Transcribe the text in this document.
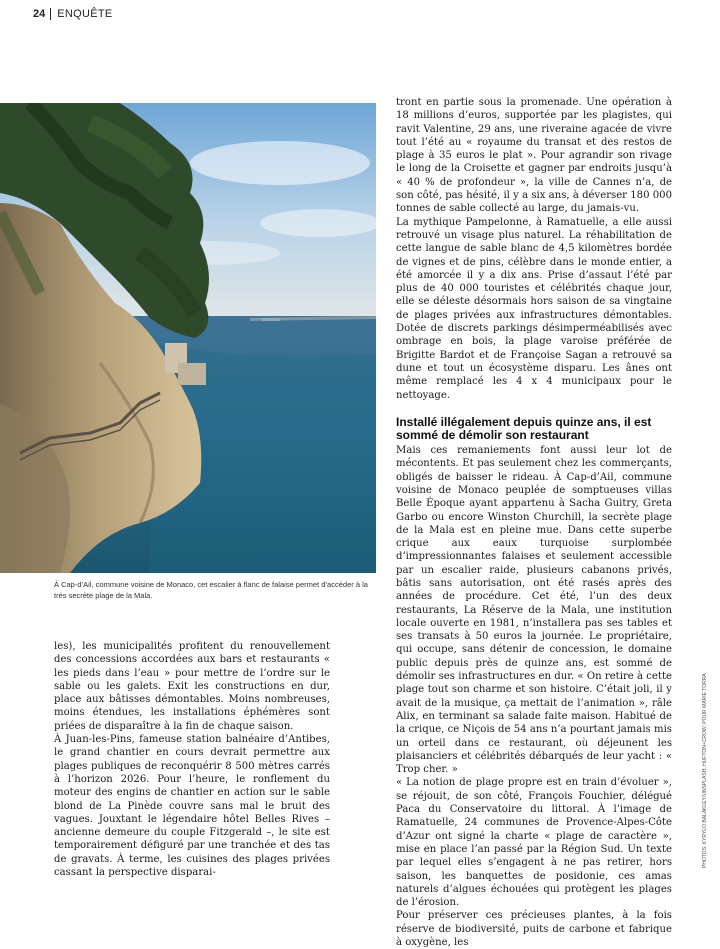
24 ENQUÊTE
À Cap-d’Ail, commune voisine de Monaco, cet escalier à flanc de falaise permet d’accéder à la très secrète plage de la Mala.

les), les municipalités profitent du renouvellement des concessions accordées aux bars et restaurants « les pieds dans l’eau » pour mettre de l’ordre sur le sable ou les galets. Exit les constructions en dur, place aux bâtisses démontables. Moins nombreuses, moins étendues, les installations éphémères sont priées de disparaître à la fin de chaque saison.

À Juan-les-Pins, fameuse station balnéaire d’Antibes, le grand chantier en cours devrait permettre aux plages publiques de reconquérir 8 500 mètres carrés à l’horizon 2026. Pour l’heure, le ronflement du moteur des engins de chantier en action sur le sable blond de La Pinède couvre sans mal le bruit des vagues. Jouxtant le légendaire hôtel Belles Rives – ancienne demeure du couple Fitzgerald –, le site est temporairement défiguré par une tranchée et des tas de gravats. À terme, les cuisines des plages privées cassant la perspective disparai-

tront en partie sous la promenade. Une opération à 18 millions d’euros, supportée par les plagistes, qui ravit Valentine, 29 ans, une riveraine agacée de vivre tout l’été au « royaume du transat et des restos de plage à 35 euros le plat ». Pour agrandir son rivage le long de la Croisette et gagner par endroits jusqu’à « 40 % de profondeur », la ville de Cannes n’a, de son côté, pas hésité, il y a six ans, à déverser 180 000 tonnes de sable collecté au large, du jamais-vu.

La mythique Pampelonne, à Ramatuelle, a elle aussi retrouvé un visage plus naturel. La réhabilitation de cette langue de sable blanc de 4,5 kilomètres bordée de vignes et de pins, célèbre dans le monde entier, a été amorcée il y a dix ans. Prise d’assaut l’été par plus de 40 000 touristes et célébrités chaque jour, elle se déleste désormais hors saison de sa vingtaine de plages privées aux infrastructures démontables. Dotée de discrets parkings désimperméabilisés avec ombrage en bois, la plage varoise préférée de Brigitte Bardot et de Françoise Sagan a retrouvé sa dune et tout un écosystème disparu. Les ânes ont même remplacé les 4 x 4 municipaux pour le nettoyage.

Installé illégalement depuis quinze ans, il est sommé de démolir son restaurant

Mais ces remaniements font aussi leur lot de mécontents. Et pas seulement chez les commerçants, obligés de baisser le rideau. À Cap-d’Ail, commune voisine de Monaco peuplée de somptueuses villas Belle Époque ayant appartenu à Sacha Guitry, Greta Garbo ou encore Winston Churchill, la secrète plage de la Mala est en pleine mue. Dans cette superbe crique aux eaux turquoise surplombée d’impressionnantes falaises et seulement accessible par un escalier raide, plusieurs cabanons privés, bâtis sans autorisation, ont été rasés après des années de procédure. Cet été, l’un des deux restaurants, La Réserve de la Mala, une institution locale ouverte en 1981, n’installera pas ses tables et ses transats à 50 euros la journée. Le propriétaire, qui occupe, sans détenir de concession, le domaine public depuis près de quinze ans, est sommé de démolir ses infrastructures en dur. « On retire à cette plage tout son charme et son histoire. C’était joli, il y avait de la musique, ça mettait de l’animation », râle Alix, en terminant sa salade faite maison. Habitué de la crique, ce Niçois de 54 ans n’a pourtant jamais mis un orteil dans ce restaurant, où déjeunent les plaisanciers et célébrités débarqués de leur yacht : « Trop cher. »

« La notion de plage propre est en train d’évoluer », se réjouit, de son côté, François Fouchier, délégué Paca du Conservatoire du littoral. À l’image de Ramatuelle, 24 communes de Provence-Alpes-Côte d’Azur ont signé la charte « plage de caractère », mise en place l’an passé par la Région Sud. Un texte par lequel elles s’engagent à ne pas retirer, hors saison, les banquettes de posidonie, ces amas naturels d’algues échouées qui protègent les plages de l’érosion.

Pour préserver ces précieuses plantes, à la fois réserve de biodiversité, puits de carbone et fabrique à oxygène, les

PHOTOS: KYRYLO BALAKLEY/UNSPLASH; HUFTON+CROW; POUR MARIE TORRA
